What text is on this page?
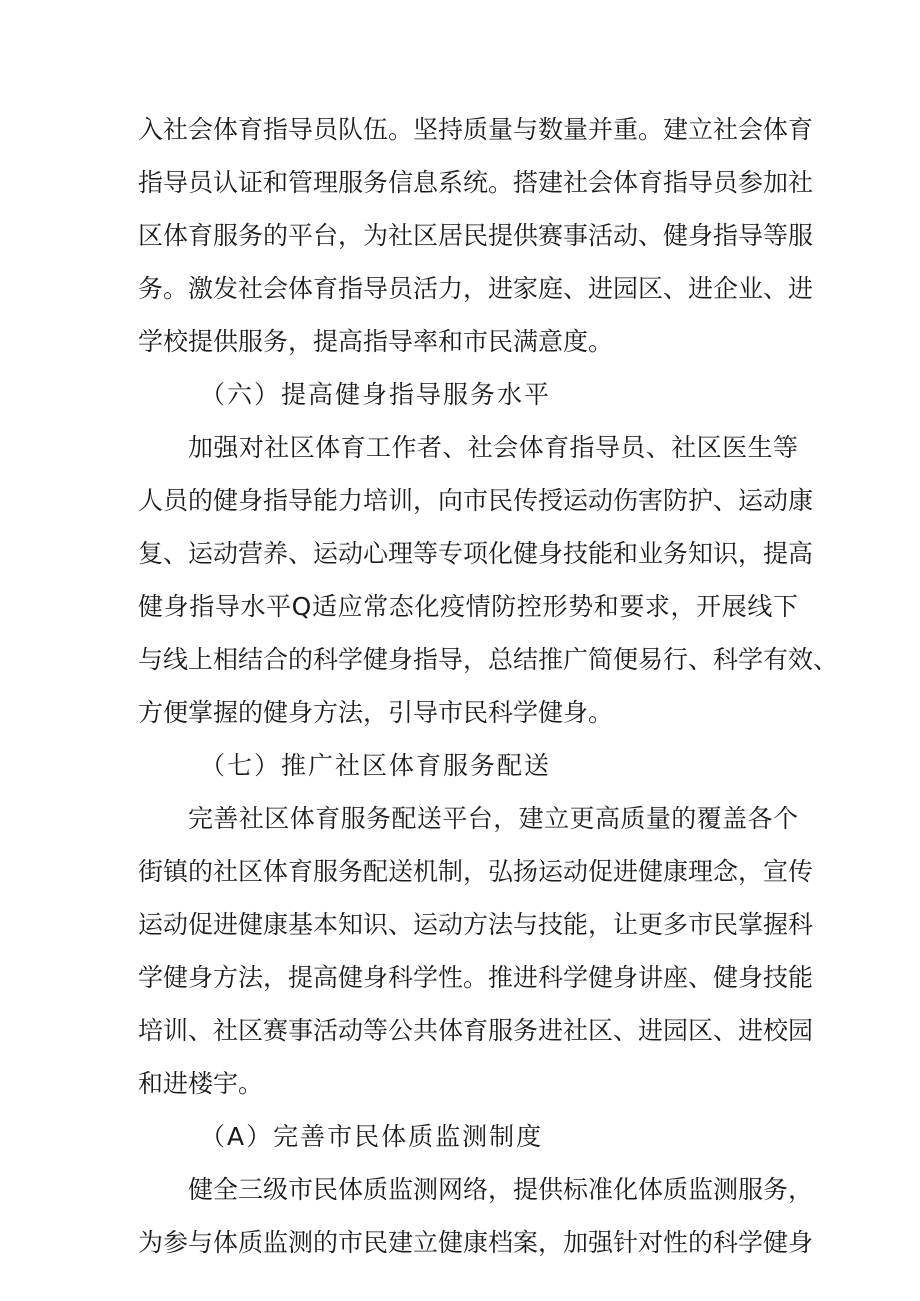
入社会体育指导员队伍。坚持质量与数量并重。建立社会体育
指导员认证和管理服务信息系统。搭建社会体育指导员参加社
区体育服务的平台，为社区居民提供赛事活动、健身指导等服
务。激发社会体育指导员活力，进家庭、进园区、进企业、进
学校提供服务，提高指导率和市民满意度。
（六）提高健身指导服务水平
加强对社区体育工作者、社会体育指导员、社区医生等
人员的健身指导能力培训，向市民传授运动伤害防护、运动康
复、运动营养、运动心理等专项化健身技能和业务知识，提高
健身指导水平Q适应常态化疫情防控形势和要求，开展线下
与线上相结合的科学健身指导，总结推广简便易行、科学有效、
方便掌握的健身方法，引导市民科学健身。
（七）推广社区体育服务配送
完善社区体育服务配送平台，建立更高质量的覆盖各个
街镇的社区体育服务配送机制，弘扬运动促进健康理念，宣传
运动促进健康基本知识、运动方法与技能，让更多市民掌握科
学健身方法，提高健身科学性。推进科学健身讲座、健身技能
培训、社区赛事活动等公共体育服务进社区、进园区、进校园
和进楼宇。
（A）完善市民体质监测制度
健全三级市民体质监测网络，提供标准化体质监测服务，
为参与体质监测的市民建立健康档案，加强针对性的科学健身
